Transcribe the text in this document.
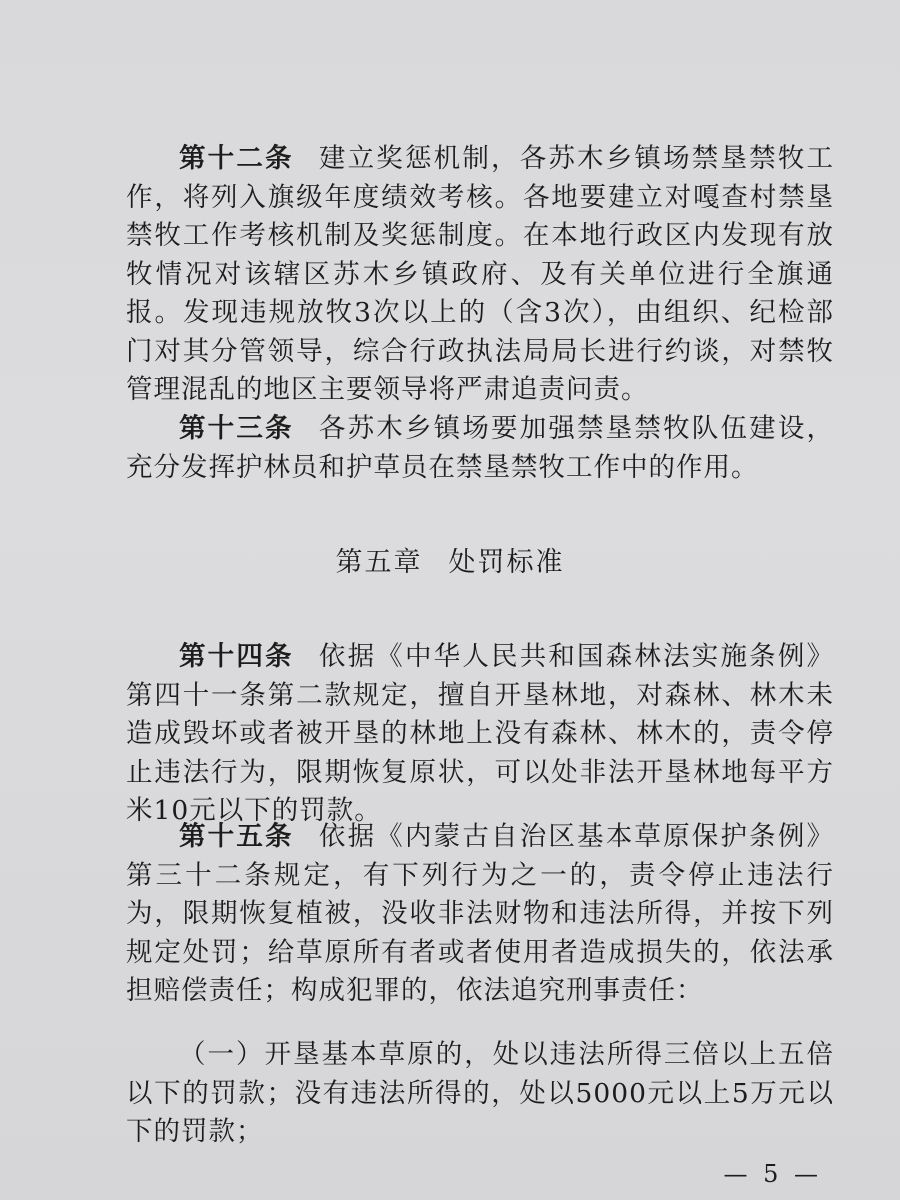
第十二条 建立奖惩机制，各苏木乡镇场禁垦禁牧工作，将列入旗级年度绩效考核。各地要建立对嘎查村禁垦禁牧工作考核机制及奖惩制度。在本地行政区内发现有放牧情况对该辖区苏木乡镇政府、及有关单位进行全旗通报。发现违规放牧3次以上的（含3次），由组织、纪检部门对其分管领导，综合行政执法局局长进行约谈，对禁牧管理混乱的地区主要领导将严肃追责问责。

第十三条 各苏木乡镇场要加强禁垦禁牧队伍建设，充分发挥护林员和护草员在禁垦禁牧工作中的作用。

第五章 处罚标准

第十四条 依据《中华人民共和国森林法实施条例》第四十一条第二款规定，擅自开垦林地，对森林、林木未造成毁坏或者被开垦的林地上没有森林、林木的，责令停止违法行为，限期恢复原状，可以处非法开垦林地每平方米10元以下的罚款。

第十五条 依据《内蒙古自治区基本草原保护条例》第三十二条规定，有下列行为之一的，责令停止违法行为，限期恢复植被，没收非法财物和违法所得，并按下列规定处罚；给草原所有者或者使用者造成损失的，依法承担赔偿责任；构成犯罪的，依法追究刑事责任：

（一）开垦基本草原的，处以违法所得三倍以上五倍以下的罚款；没有违法所得的，处以5000元以上5万元以下的罚款；

— 5 —
